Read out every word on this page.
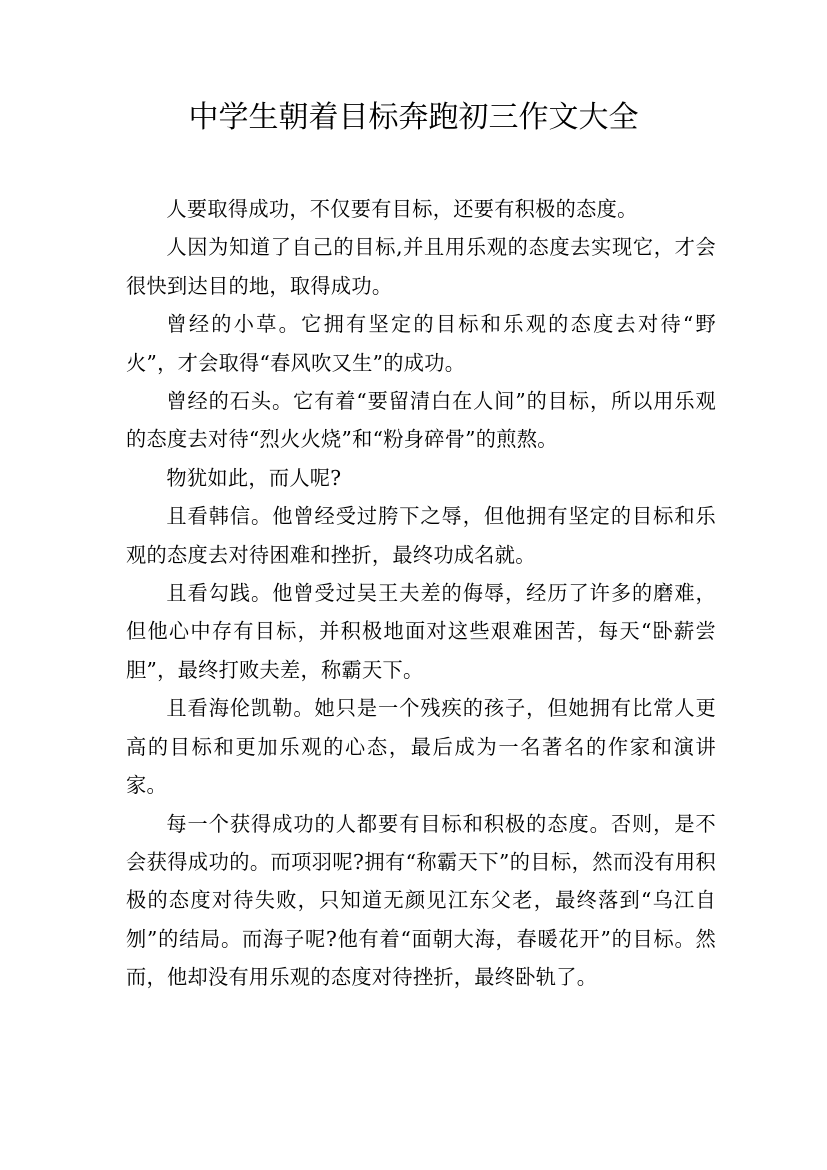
中学生朝着目标奔跑初三作文大全

人要取得成功，不仅要有目标，还要有积极的态度。

人因为知道了自己的目标,并且用乐观的态度去实现它，才会很快到达目的地，取得成功。

曾经的小草。它拥有坚定的目标和乐观的态度去对待“野火”，才会取得“春风吹又生”的成功。

曾经的石头。它有着“要留清白在人间”的目标，所以用乐观的态度去对待“烈火火烧”和“粉身碎骨”的煎熬。

物犹如此，而人呢?

且看韩信。他曾经受过胯下之辱，但他拥有坚定的目标和乐观的态度去对待困难和挫折，最终功成名就。

且看勾践。他曾受过吴王夫差的侮辱，经历了许多的磨难，但他心中存有目标，并积极地面对这些艰难困苦，每天“卧薪尝胆”，最终打败夫差，称霸天下。

且看海伦凯勒。她只是一个残疾的孩子，但她拥有比常人更高的目标和更加乐观的心态，最后成为一名著名的作家和演讲家。

每一个获得成功的人都要有目标和积极的态度。否则，是不会获得成功的。而项羽呢?拥有“称霸天下”的目标，然而没有用积极的态度对待失败，只知道无颜见江东父老，最终落到“乌江自刎”的结局。而海子呢?他有着“面朝大海，春暖花开”的目标。然而，他却没有用乐观的态度对待挫折，最终卧轨了。
